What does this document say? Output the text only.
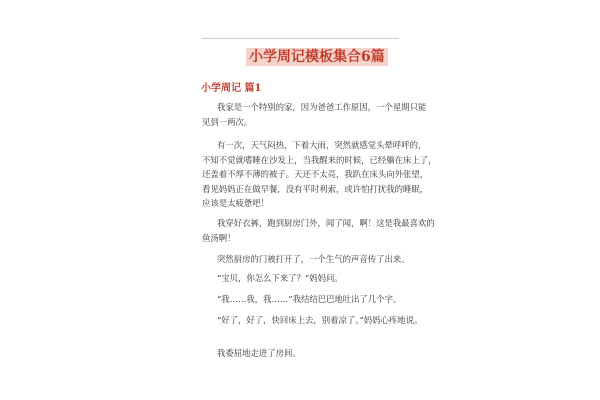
小学周记模板集合6篇
小学周记 篇1
我家是一个特别的家，因为爸爸工作原因，一个星期只能
见到一两次。
有一次，天气闷热，下着大雨，突然就感觉头晕呼呼的，
不知不觉就嗜睡在沙发上，当我醒来的时候，已经躺在床上了，
还盖着不厚不薄的被子。天还不太亮，我趴在床头向外张望，
看见妈妈正在做早餐，没有平时利索，或许怕打扰我的睡眠，
应该是太疲惫吧！
我穿好衣裤，跑到厨房门外，闻了闻，啊！这是我最喜欢的
鱼汤啊！
突然厨房的门被打开了，一个生气的声音传了出来。
“宝贝，你怎么下来了？”妈妈问。
“我……我，我……”我结结巴巴地吐出了几个字。
“好了，好了，快回床上去，别着凉了。”妈妈心疼地说。
我委屈地走进了房间。
